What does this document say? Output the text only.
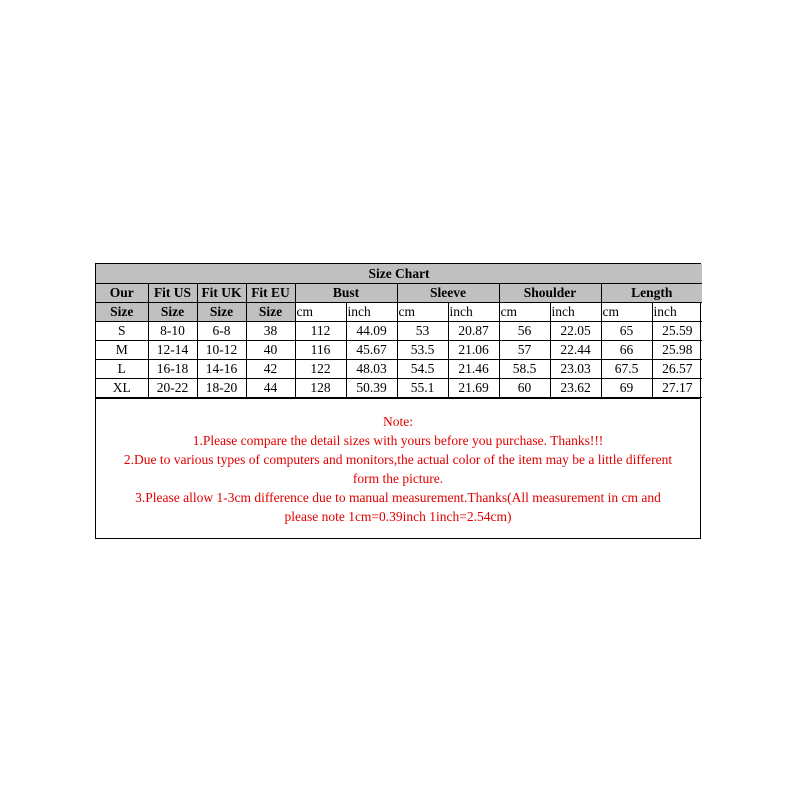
Size Chart											
Our	Fit US	Fit UK	Fit EU	Bust		Sleeve		Shoulder		Length	
Size	Size	Size	Size	cm	inch	cm	inch	cm	inch	cm	inch
S	8-10	6-8	38	112	44.09	53	20.87	56	22.05	65	25.59
M	12-14	10-12	40	116	45.67	53.5	21.06	57	22.44	66	25.98
L	16-18	14-16	42	122	48.03	54.5	21.46	58.5	23.03	67.5	26.57
XL	20-22	18-20	44	128	50.39	55.1	21.69	60	23.62	69	27.17
Note:
1.Please compare the detail sizes with yours before you purchase. Thanks!!!
2.Due to various types of computers and monitors,the actual color of the item may be a little different
form the picture.
3.Please allow 1-3cm difference due to manual measurement.Thanks(All measurement in cm and
please note 1cm=0.39inch 1inch=2.54cm)
